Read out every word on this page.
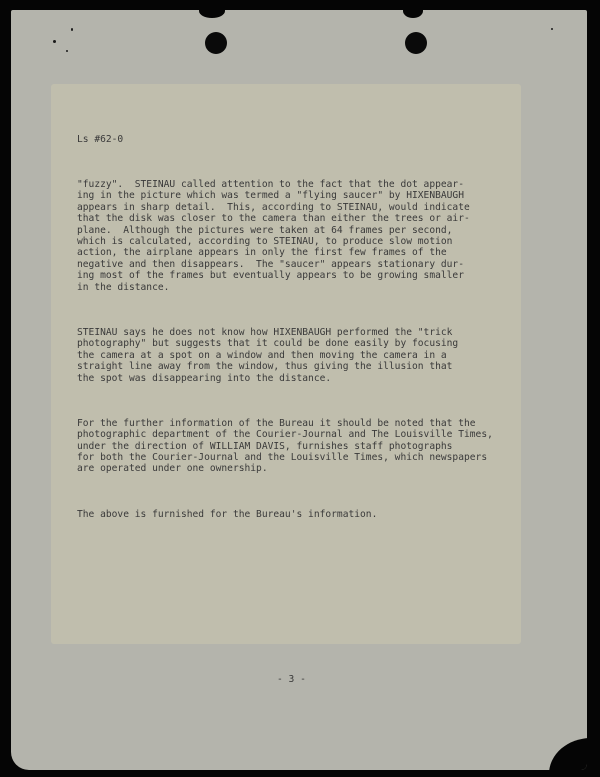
Ls #62-0

"fuzzy".  STEINAU called attention to the fact that the dot appear-
ing in the picture which was termed a "flying saucer" by HIXENBAUGH
appears in sharp detail.  This, according to STEINAU, would indicate
that the disk was closer to the camera than either the trees or air-
plane.  Although the pictures were taken at 64 frames per second,
which is calculated, according to STEINAU, to produce slow motion
action, the airplane appears in only the first few frames of the
negative and then disappears.  The "saucer" appears stationary dur-
ing most of the frames but eventually appears to be growing smaller
in the distance.

STEINAU says he does not know how HIXENBAUGH performed the "trick
photography" but suggests that it could be done easily by focusing
the camera at a spot on a window and then moving the camera in a
straight line away from the window, thus giving the illusion that
the spot was disappearing into the distance.

For the further information of the Bureau it should be noted that the
photographic department of the Courier-Journal and The Louisville Times,
under the direction of WILLIAM DAVIS, furnishes staff photographs
for both the Courier-Journal and the Louisville Times, which newspapers
are operated under one ownership.

The above is furnished for the Bureau's information.

- 3 -
